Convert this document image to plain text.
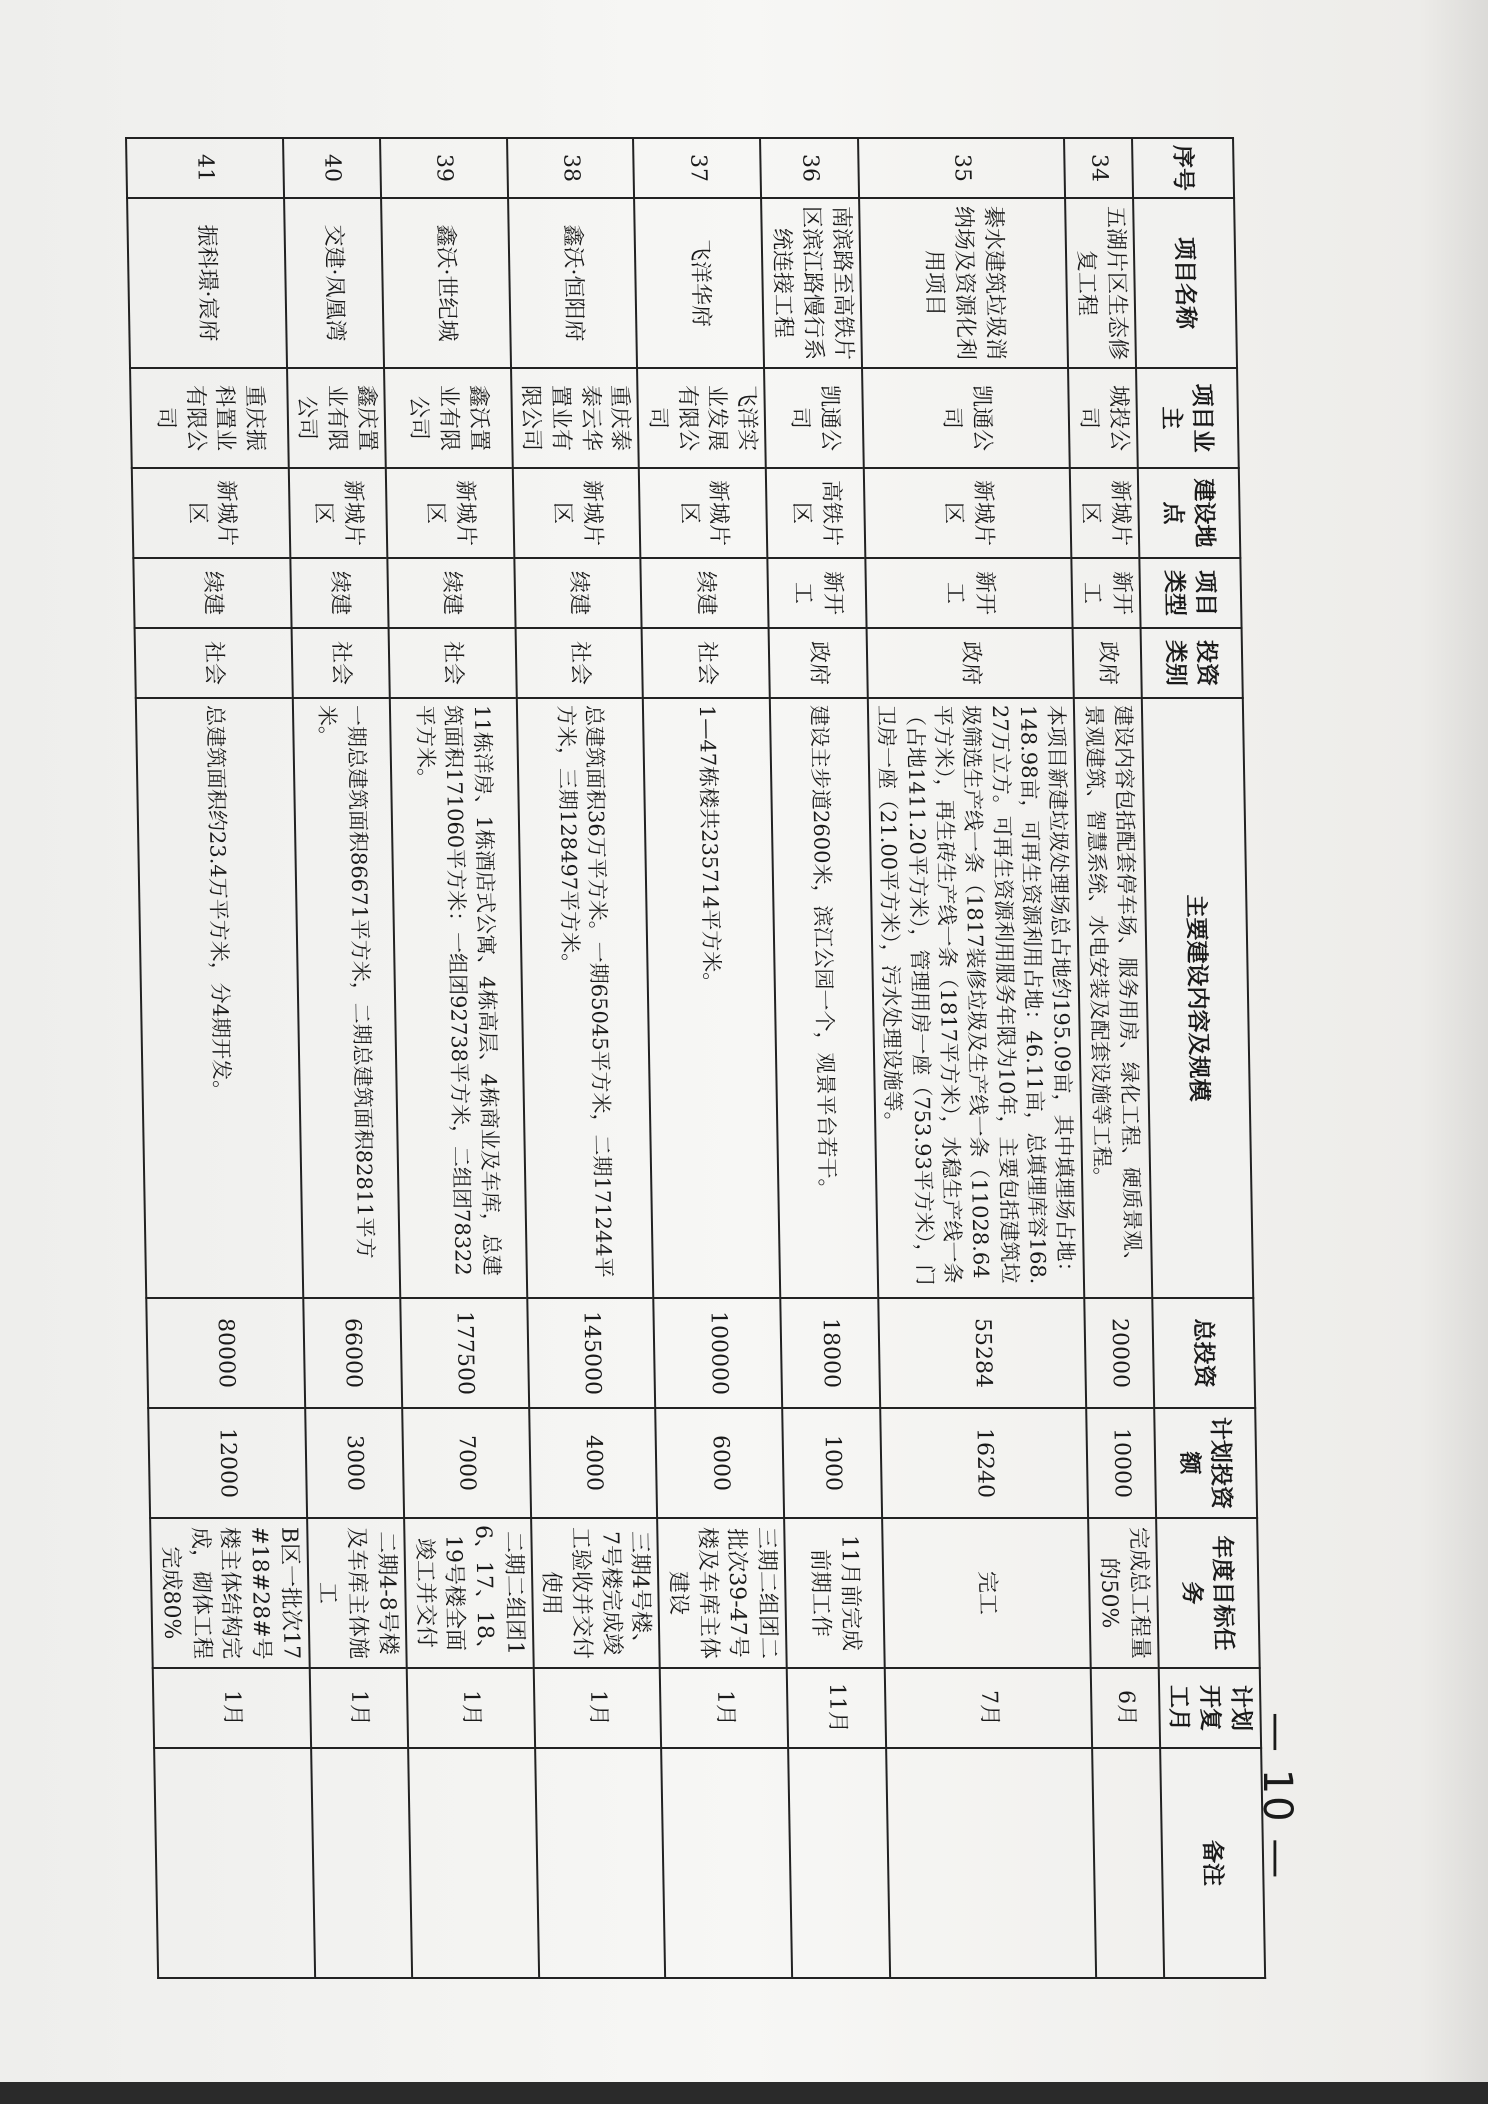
序号	项目名称	项目业主	建设地点	项目类型	投资类别	主要建设内容及规模	总投资	计划投资额	年度目标任务	计划开复工月	备注
34	五湖片区生态修复工程	城投公司	新城片区	新开工	政府	建设内容包括配套停车场、服务用房、绿化工程、硬质景观、景观建筑、智慧系统、水电安装及配套设施等工程。	20000	10000	完成总工程量的50%	6月	
35	綦水建筑垃圾消纳场及资源化利用项目	凯通公司	新城片区	新开工	政府	本项目新建垃圾处理场总占地约195.09亩，其中填埋场占地：148.98亩，可再生资源利用占地：46.11亩，总填埋库容168.27万立方。可再生资源利用服务年限为10年，主要包括建筑垃圾筛选生产线一条（1817装修垃圾及生产线一条（11028.64平方米），再生砖生产线一条（1817平方米），水稳生产线一条（占地1411.20平方米），管理用房一座（753.93平方米），门卫房一座（21.00平方米），污水处理设施等。	55284	16240	完工	7月	
36	南滨路至高铁片区滨江路慢行系统连接工程	凯通公司	高铁片区	新开工	政府	建设主步道2600米，滨江公园一个，观景平台若干。	18000	1000	11月前完成前期工作	11月	
37	飞洋华府	飞洋实业发展有限公司	新城片区	续建	社会	1—47栋楼共235714平方米。	100000	6000	三期二组团二批次39-47号楼及车库主体建设	1月	
38	鑫沃·恒阳府	重庆泰泰云华置业有限公司	新城片区	续建	社会	总建筑面积36万平方米。一期65045平方米，二期171244平方米，三期128497平方米。	145000	4000	三期4号楼、7号楼完成竣工验收并交付使用	1月	
39	鑫沃·世纪城	鑫沃置业有限公司	新城片区	续建	社会	11栋洋房、1栋酒店式公寓、4栋高层、4栋商业及车库，总建筑面积171060平方米：一组团92738平方米，二组团78322平方米。	177500	7000	二期二组团16、17、18、19号楼全面竣工并交付	1月	
40	交建·凤凰湾	鑫庆置业有限公司	新城片区	续建	社会	一期总建筑面积86671平方米，二期总建筑面积82811平方米。	66000	3000	二期4-8号楼及车库主体施工	1月	
41	振科璟·宸府	重庆振科置业有限公司	新城片区	续建	社会	总建筑面积约23.4万平方米，分4期开发。	80000	12000	B区一批次17#18#28#号楼主体结构完成，砌体工程完成80%	1月	
— 10 —
